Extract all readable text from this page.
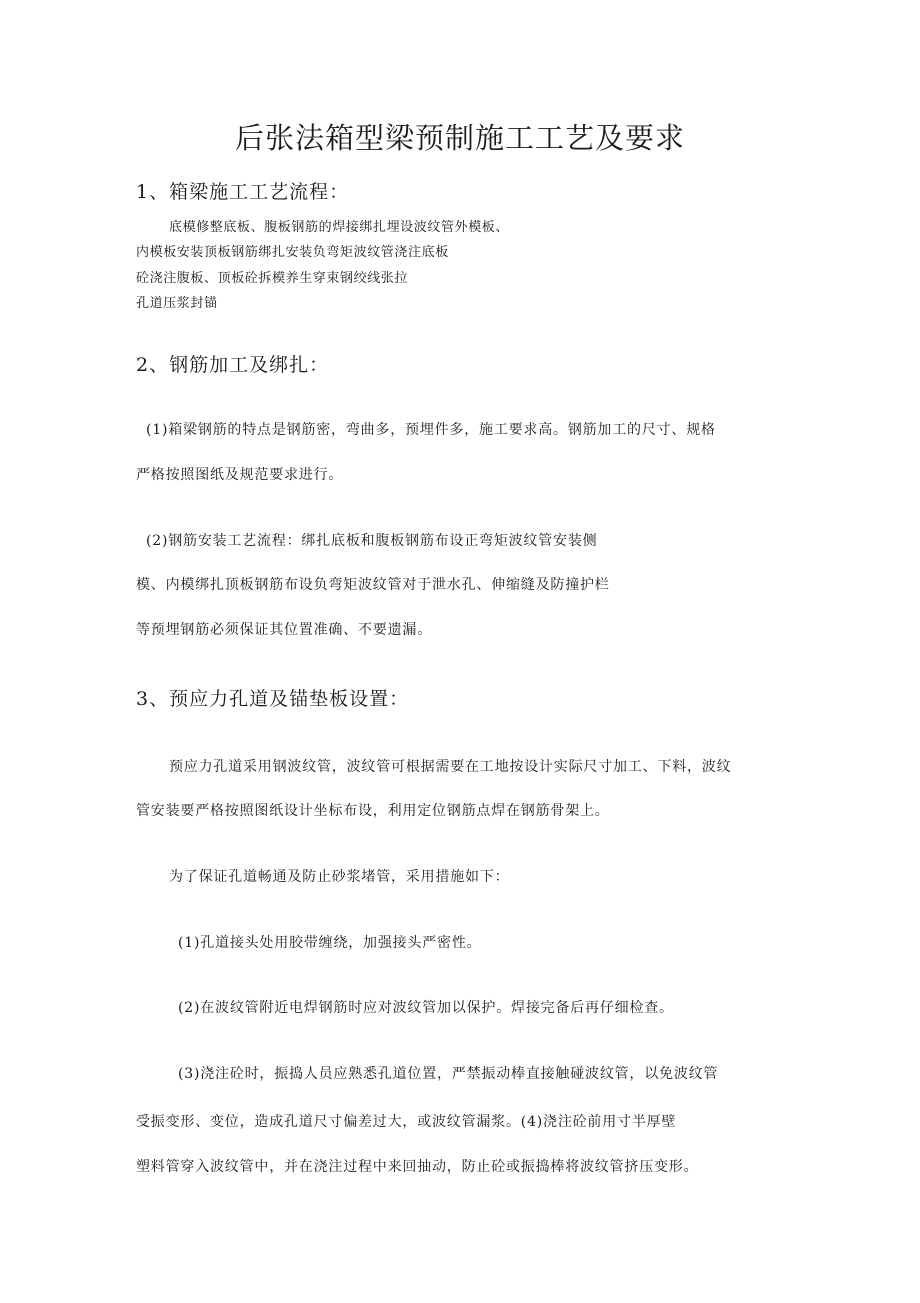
后张法箱型梁预制施工工艺及要求
1、箱梁施工工艺流程：
底模修整底板、腹板钢筋的焊接绑扎埋设波纹管外模板、
内模板安装顶板钢筋绑扎安装负弯矩波纹管浇注底板
砼浇注腹板、顶板砼拆模养生穿束钢绞线张拉
孔道压浆封锚
2、钢筋加工及绑扎：
(1)箱梁钢筋的特点是钢筋密，弯曲多，预埋件多，施工要求高。钢筋加工的尺寸、规格
严格按照图纸及规范要求进行。
(2)钢筋安装工艺流程：绑扎底板和腹板钢筋布设正弯矩波纹管安装侧
模、内模绑扎顶板钢筋布设负弯矩波纹管对于泄水孔、伸缩缝及防撞护栏
等预埋钢筋必须保证其位置准确、不要遗漏。
3、预应力孔道及锚垫板设置：
预应力孔道采用钢波纹管，波纹管可根据需要在工地按设计实际尺寸加工、下料，波纹
管安装要严格按照图纸设计坐标布设，利用定位钢筋点焊在钢筋骨架上。
为了保证孔道畅通及防止砂浆堵管，采用措施如下：
(1)孔道接头处用胶带缠绕，加强接头严密性。
(2)在波纹管附近电焊钢筋时应对波纹管加以保护。焊接完备后再仔细检查。
(3)浇注砼时，振捣人员应熟悉孔道位置，严禁振动棒直接触碰波纹管，以免波纹管
受振变形、变位，造成孔道尺寸偏差过大，或波纹管漏浆。(4)浇注砼前用寸半厚壁
塑料管穿入波纹管中，并在浇注过程中来回抽动，防止砼或振捣棒将波纹管挤压变形。
